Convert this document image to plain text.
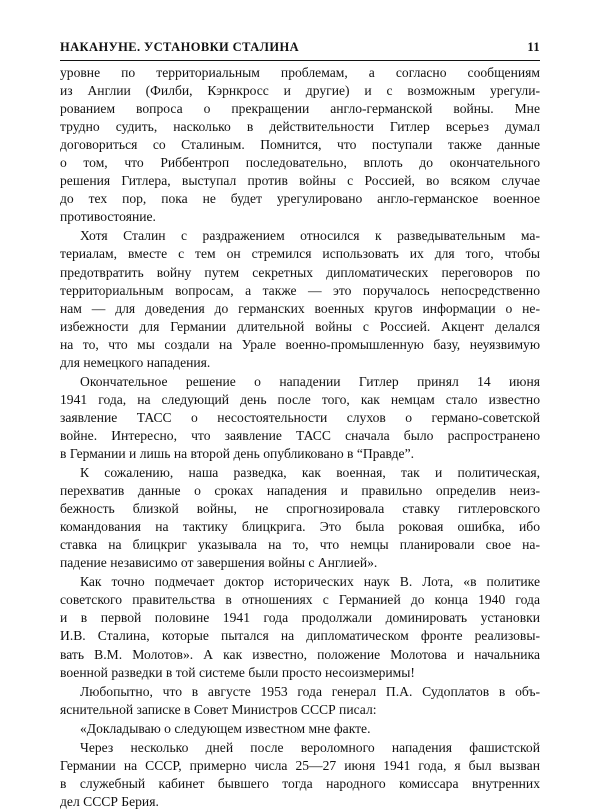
НАКАНУНЕ. УСТАНОВКИ СТАЛИНА	11
уровне по территориальным проблемам, а согласно сообщениям
из Англии (Филби, Кэрнкросс и другие) и с возможным урегули-
рованием вопроса о прекращении англо-германской войны. Мне
трудно судить, насколько в действительности Гитлер всерьез думал
договориться со Сталиным. Помнится, что поступали также данные
о том, что Риббентроп последовательно, вплоть до окончательного
решения Гитлера, выступал против войны с Россией, во всяком случае
до тех пор, пока не будет урегулировано англо-германское военное
противостояние.
Хотя Сталин с раздражением относился к разведывательным ма-
териалам, вместе с тем он стремился использовать их для того, чтобы
предотвратить войну путем секретных дипломатических переговоров по
территориальным вопросам, а также — это поручалось непосредственно
нам — для доведения до германских военных кругов информации о не-
избежности для Германии длительной войны с Россией. Акцент делался
на то, что мы создали на Урале военно-промышленную базу, неуязвимую
для немецкого нападения.
Окончательное решение о нападении Гитлер принял 14 июня
1941 года, на следующий день после того, как немцам стало известно
заявление ТАСС о несостоятельности слухов о германо-советской
войне. Интересно, что заявление ТАСС сначала было распространено
в Германии и лишь на второй день опубликовано в “Правде”.
К сожалению, наша разведка, как военная, так и политическая,
перехватив данные о сроках нападения и правильно определив неиз-
бежность близкой войны, не спрогнозировала ставку гитлеровского
командования на тактику блицкрига. Это была роковая ошибка, ибо
ставка на блицкриг указывала на то, что немцы планировали свое на-
падение независимо от завершения войны с Англией».
Как точно подмечает доктор исторических наук В. Лота, «в политике
советского правительства в отношениях с Германией до конца 1940 года
и в первой половине 1941 года продолжали доминировать установки
И.В. Сталина, которые пытался на дипломатическом фронте реализовы-
вать В.М. Молотов». А как известно, положение Молотова и начальника
военной разведки в той системе были просто несоизмеримы!
Любопытно, что в августе 1953 года генерал П.А. Судоплатов в объ-
яснительной записке в Совет Министров СССР писал:
«Докладываю о следующем известном мне факте.
Через несколько дней после вероломного нападения фашистской
Германии на СССР, примерно числа 25—27 июня 1941 года, я был вызван
в служебный кабинет бывшего тогда народного комиссара внутренних
дел СССР Берия.
